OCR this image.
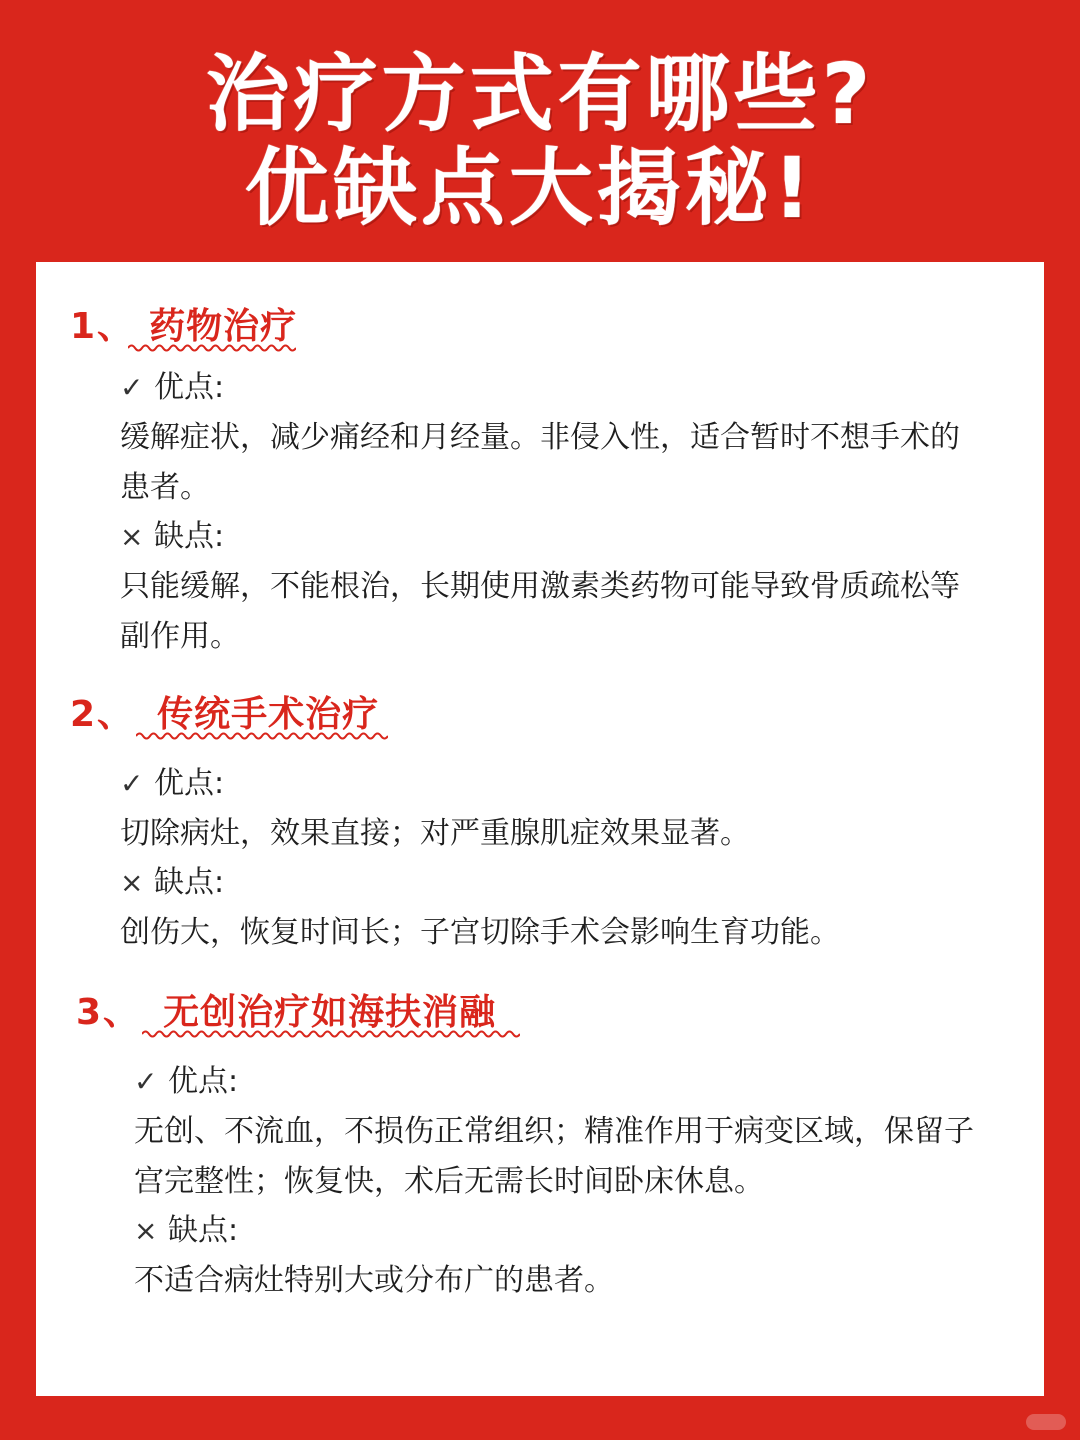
治疗方式有哪些?
优缺点大揭秘!
1、 药物治疗
✓ 优点:
缓解症状，减少痛经和月经量。非侵入性，适合暂时不想手术的患者。
× 缺点:
只能缓解，不能根治，长期使用激素类药物可能导致骨质疏松等副作用。
2、 传统手术治疗
✓ 优点:
切除病灶，效果直接；对严重腺肌症效果显著。
× 缺点:
创伤大，恢复时间长；子宫切除手术会影响生育功能。
3、 无创治疗如海扶消融
✓ 优点:
无创、不流血，不损伤正常组织；精准作用于病变区域，保留子宫完整性；恢复快，术后无需长时间卧床休息。
× 缺点:
不适合病灶特别大或分布广的患者。
